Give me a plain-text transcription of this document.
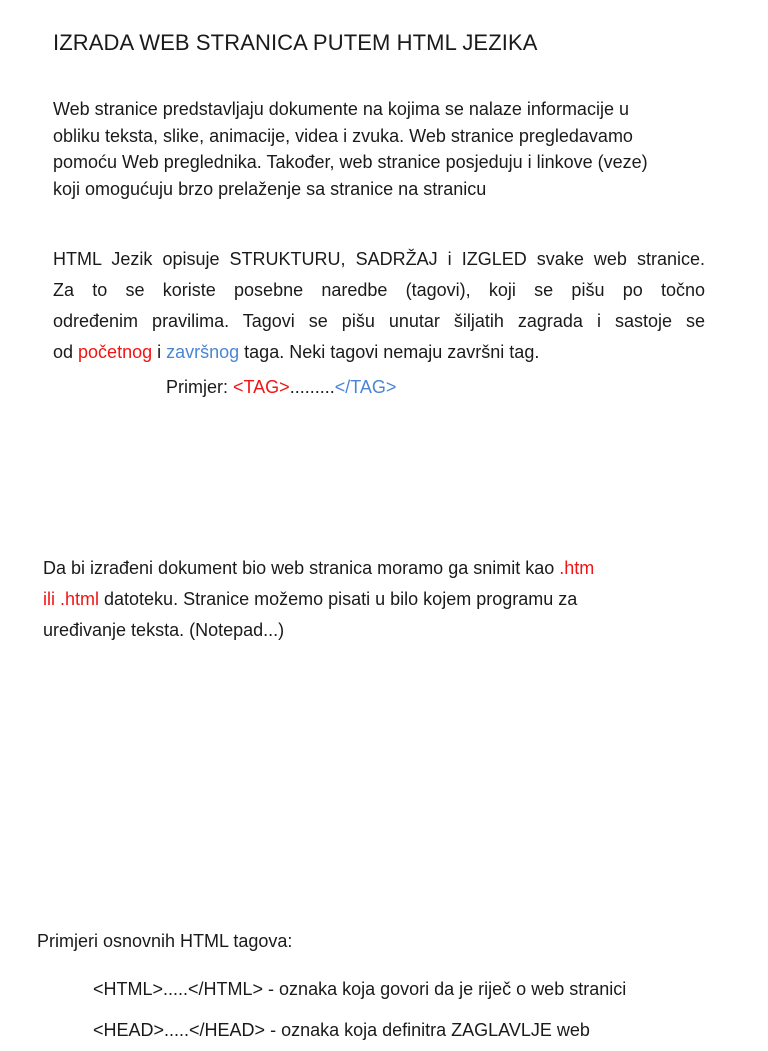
IZRADA WEB STRANICA PUTEM HTML JEZIKA

Web stranice predstavljaju dokumente na kojima se nalaze informacije u
obliku teksta, slike, animacije, videa i zvuka. Web stranice pregledavamo
pomoću Web preglednika. Također, web stranice posjeduju i linkove (veze)
koji omogućuju brzo prelaženje sa stranice na stranicu

HTML Jezik opisuje STRUKTURU, SADRŽAJ i IZGLED svake web stranice.
Za to se koriste posebne naredbe (tagovi), koji se pišu po točno
određenim pravilima. Tagovi se pišu unutar šiljatih zagrada i sastoje se
od početnog i završnog taga. Neki tagovi nemaju završni tag.

Primjer: <TAG>.........</TAG>

Da bi izrađeni dokument bio web stranica moramo ga snimit kao .htm
ili .html datoteku. Stranice možemo pisati u bilo kojem programu za
uređivanje teksta. (Notepad...)

Primjeri osnovnih HTML tagova:

<HTML>.....</HTML> - oznaka koja govori da je riječ o web stranici
<HEAD>.....</HEAD> - oznaka koja definitra ZAGLAVLJE web
